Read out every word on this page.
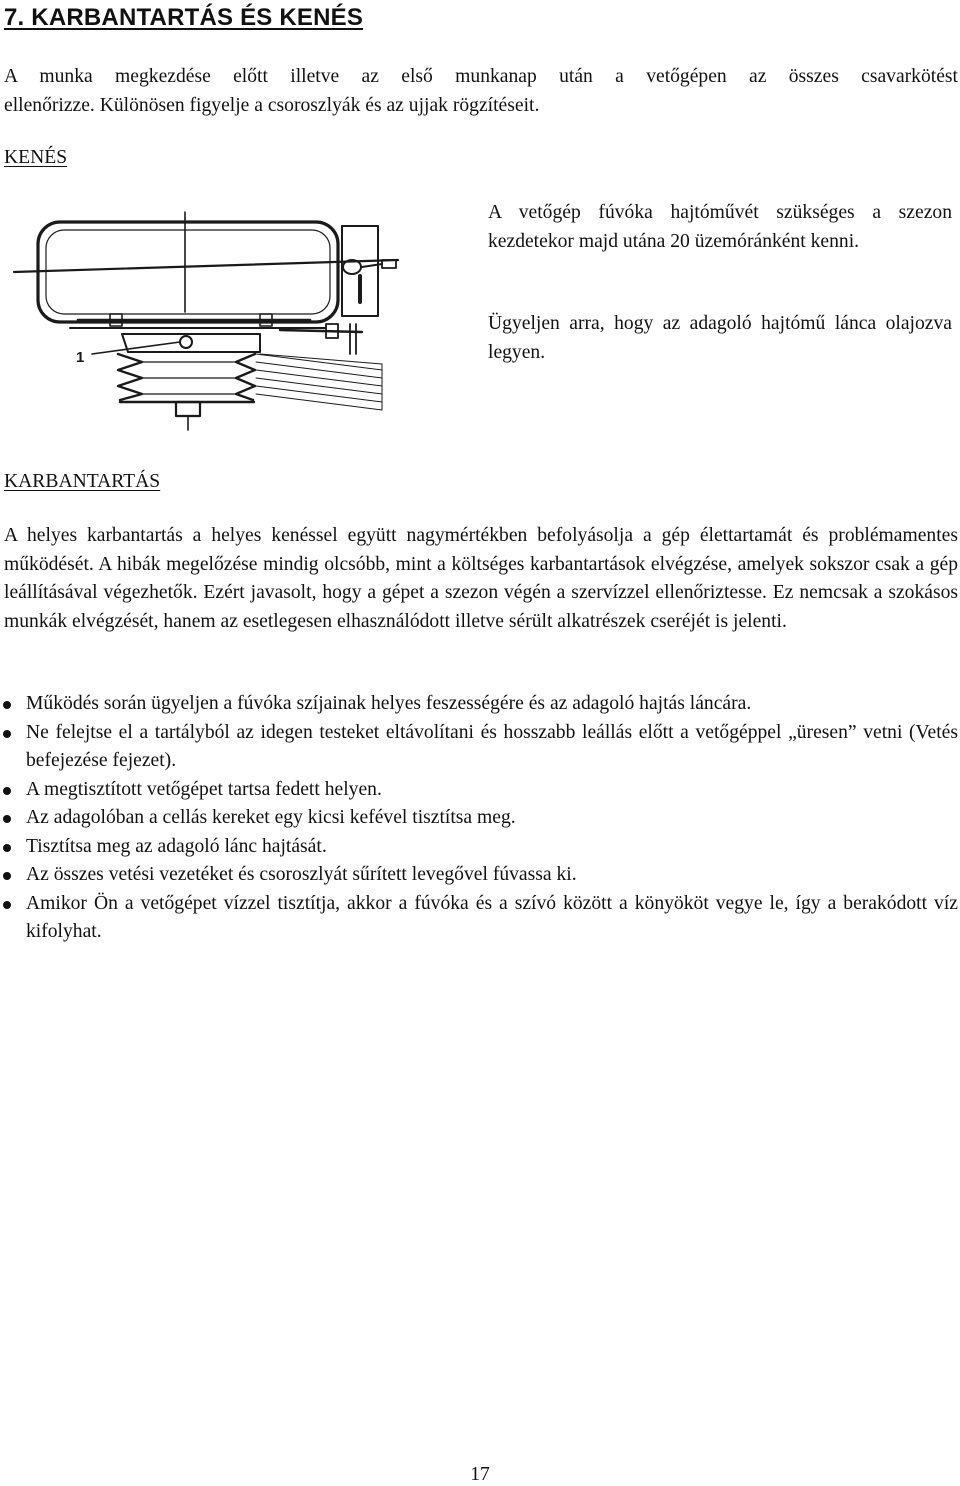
7. KARBANTARTÁS ÉS KENÉS
A munka megkezdése előtt illetve az első munkanap után a vetőgépen az összes csavarkötést
ellenőrizze. Különösen figyelje a csoroszlyák és az ujjak rögzítéseit.
KENÉS
1

A vetőgép fúvóka hajtóművét szükséges a szezon kezdetekor majd utána 20 üzemóránként kenni.

Ügyeljen arra, hogy az adagoló hajtómű lánca olajozva legyen.

KARBANTARTÁS

A helyes karbantartás a helyes kenéssel együtt nagymértékben befolyásolja a gép élettartamát és problémamentes működését. A hibák megelőzése mindig olcsóbb, mint a költséges karbantartások elvégzése, amelyek sokszor csak a gép leállításával végezhetők. Ezért javasolt, hogy a gépet a szezon végén a szervízzel ellenőriztesse. Ez nemcsak a szokásos munkák elvégzését, hanem az esetlegesen elhasználódott illetve sérült alkatrészek cseréjét is jelenti.

Működés során ügyeljen a fúvóka szíjainak helyes feszességére és az adagoló hajtás láncára.
Ne felejtse el a tartályból az idegen testeket eltávolítani és hosszabb leállás előtt a vetőgéppel „üresen” vetni (Vetés befejezése fejezet).
A megtisztított vetőgépet tartsa fedett helyen.
Az adagolóban a cellás kereket egy kicsi kefével tisztítsa meg.
Tisztítsa meg az adagoló lánc hajtását.
Az összes vetési vezetéket és csoroszlyát sűrített levegővel fúvassa ki.
Amikor Ön a vetőgépet vízzel tisztítja, akkor a fúvóka és a szívó között a könyököt vegye le, így a berakódott víz kifolyhat.
17
